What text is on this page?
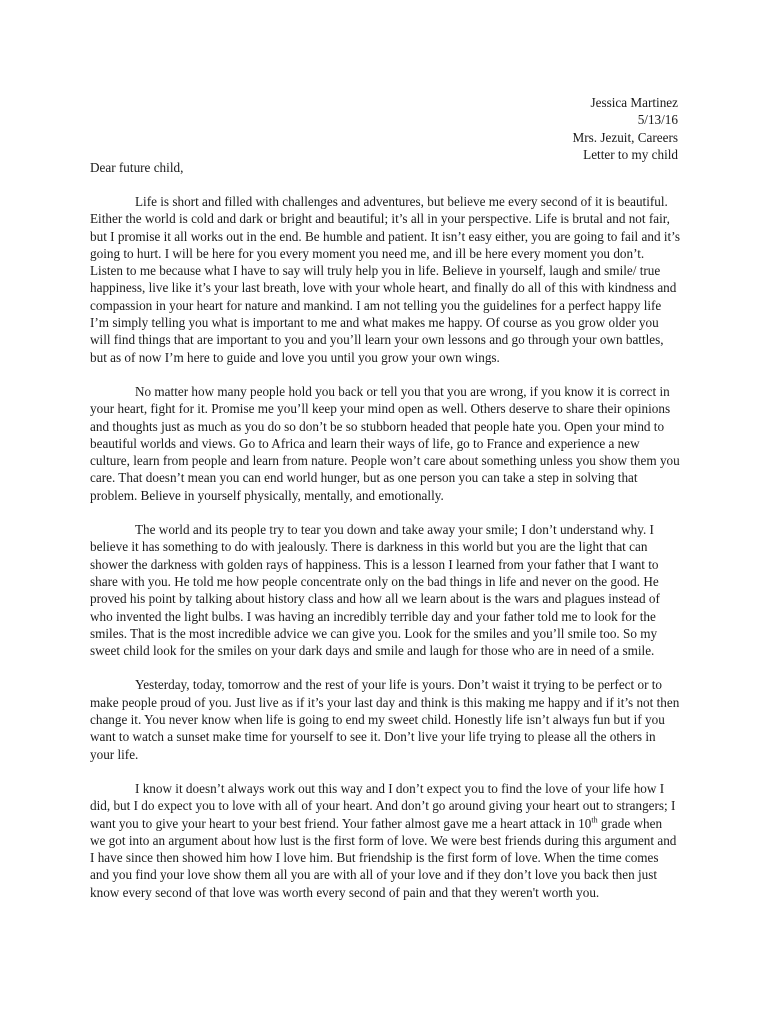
Jessica Martinez
5/13/16
Mrs. Jezuit, Careers
Letter to my child
Dear future child,

Life is short and filled with challenges and adventures, but believe me every second of it is beautiful. Either the world is cold and dark or bright and beautiful; it’s all in your perspective. Life is brutal and not fair, but I promise it all works out in the end. Be humble and patient. It isn’t easy either, you are going to fail and it’s going to hurt. I will be here for you every moment you need me, and ill be here every moment you don’t. Listen to me because what I have to say will truly help you in life. Believe in yourself, laugh and smile/ true happiness, live like it’s your last breath, love with your whole heart, and finally do all of this with kindness and compassion in your heart for nature and mankind. I am not telling you the guidelines for a perfect happy life I’m simply telling you what is important to me and what makes me happy. Of course as you grow older you will find things that are important to you and you’ll learn your own lessons and go through your own battles, but as of now I’m here to guide and love you until you grow your own wings.

No matter how many people hold you back or tell you that you are wrong, if you know it is correct in your heart, fight for it. Promise me you’ll keep your mind open as well. Others deserve to share their opinions and thoughts just as much as you do so don’t be so stubborn headed that people hate you. Open your mind to beautiful worlds and views. Go to Africa and learn their ways of life, go to France and experience a new culture, learn from people and learn from nature. People won’t care about something unless you show them you care. That doesn’t mean you can end world hunger, but as one person you can take a step in solving that problem. Believe in yourself physically, mentally, and emotionally.

The world and its people try to tear you down and take away your smile; I don’t understand why. I believe it has something to do with jealously. There is darkness in this world but you are the light that can shower the darkness with golden rays of happiness. This is a lesson I learned from your father that I want to share with you. He told me how people concentrate only on the bad things in life and never on the good. He proved his point by talking about history class and how all we learn about is the wars and plagues instead of who invented the light bulbs. I was having an incredibly terrible day and your father told me to look for the smiles. That is the most incredible advice we can give you. Look for the smiles and you’ll smile too. So my sweet child look for the smiles on your dark days and smile and laugh for those who are in need of a smile.

Yesterday, today, tomorrow and the rest of your life is yours. Don’t waist it trying to be perfect or to make people proud of you. Just live as if it’s your last day and think is this making me happy and if it’s not then change it. You never know when life is going to end my sweet child. Honestly life isn’t always fun but if you want to watch a sunset make time for yourself to see it. Don’t live your life trying to please all the others in your life.

I know it doesn’t always work out this way and I don’t expect you to find the love of your life how I did, but I do expect you to love with all of your heart. And don’t go around giving your heart out to strangers; I want you to give your heart to your best friend. Your father almost gave me a heart attack in 10th grade when we got into an argument about how lust is the first form of love. We were best friends during this argument and I have since then showed him how I love him. But friendship is the first form of love. When the time comes and you find your love show them all you are with all of your love and if they don’t love you back then just know every second of that love was worth every second of pain and that they weren't worth you.
